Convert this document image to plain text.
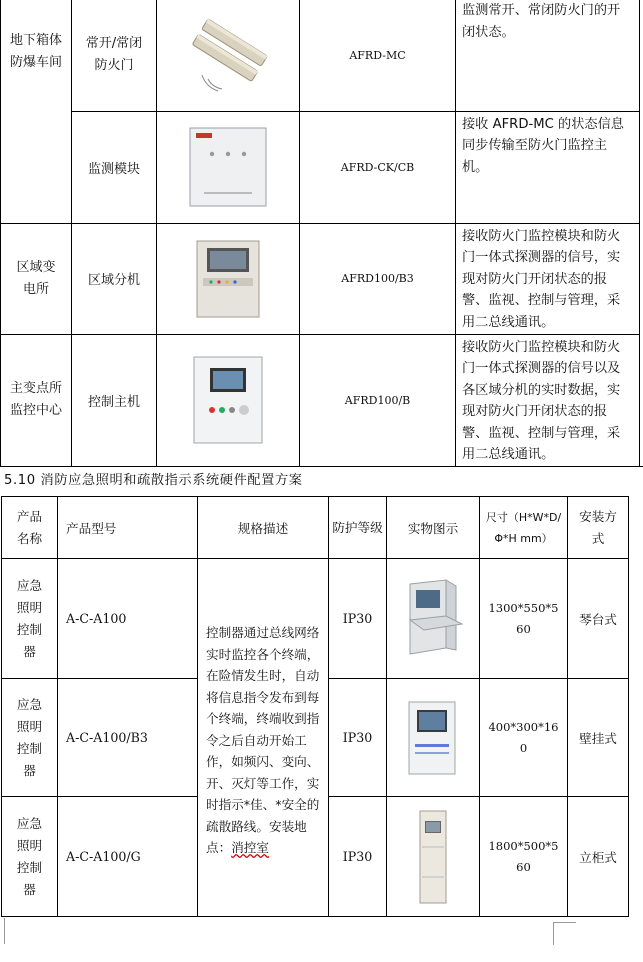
地下箱体防爆车间	常开/常闭防火门		AFRD-MC	监测常开、常闭防火门的开闭状态。
	监测模块		AFRD-CK/CB	接收 AFRD-MC 的状态信息同步传输至防火门监控主机。

区域变电所	区域分机		AFRD100/B3	接收防火门监控模块和防火门一体式探测器的信号，实现对防火门开闭状态的报警、监视、控制与管理，采用二总线通讯。

主变点所监控中心	控制主机		AFRD100/B	接收防火门监控模块和防火门一体式探测器的信号以及各区域分机的实时数据，实现对防火门开闭状态的报警、监视、控制与管理，采用二总线通讯。
5.10 消防应急照明和疏散指示系统硬件配置方案
产品名称	产品型号	规格描述	防护等级	实物图示	尺寸（H*W*D/Φ*H mm）	安装方式

应急照明控制器	A-C-A100	控制器通过总线网络实时监控各个终端，在险情发生时，自动将信息指令发布到每个终端，终端收到指令之后自动开始工作，如频闪、变向、开、灭灯等工作，实时指示*佳、*安全的疏散路线。安装地点：消控室	IP30		1300*550*560	琴台式

应急照明控制器	A-C-A100/B3		IP30		400*300*160	壁挂式

应急照明控制器	A-C-A100/G		IP30		1800*500*560	立柜式
